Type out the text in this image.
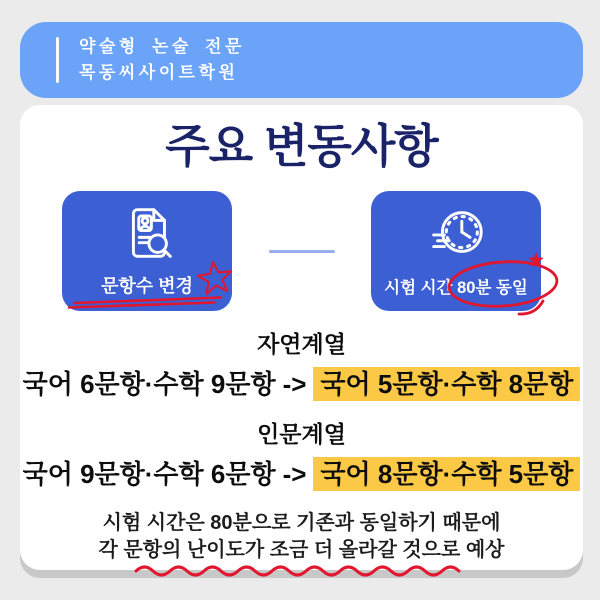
약술형 논술 전문
목동씨사이트학원
주요 변동사항
문항수 변경	시험 시간 80분 동일
자연계열
국어 6문항·수학 9문항 -> 국어 5문항·수학 8문항
인문계열
국어 9문항·수학 6문항 -> 국어 8문항·수학 5문항
시험 시간은 80분으로 기존과 동일하기 때문에
각 문항의 난이도가 조금 더 올라갈 것으로 예상
